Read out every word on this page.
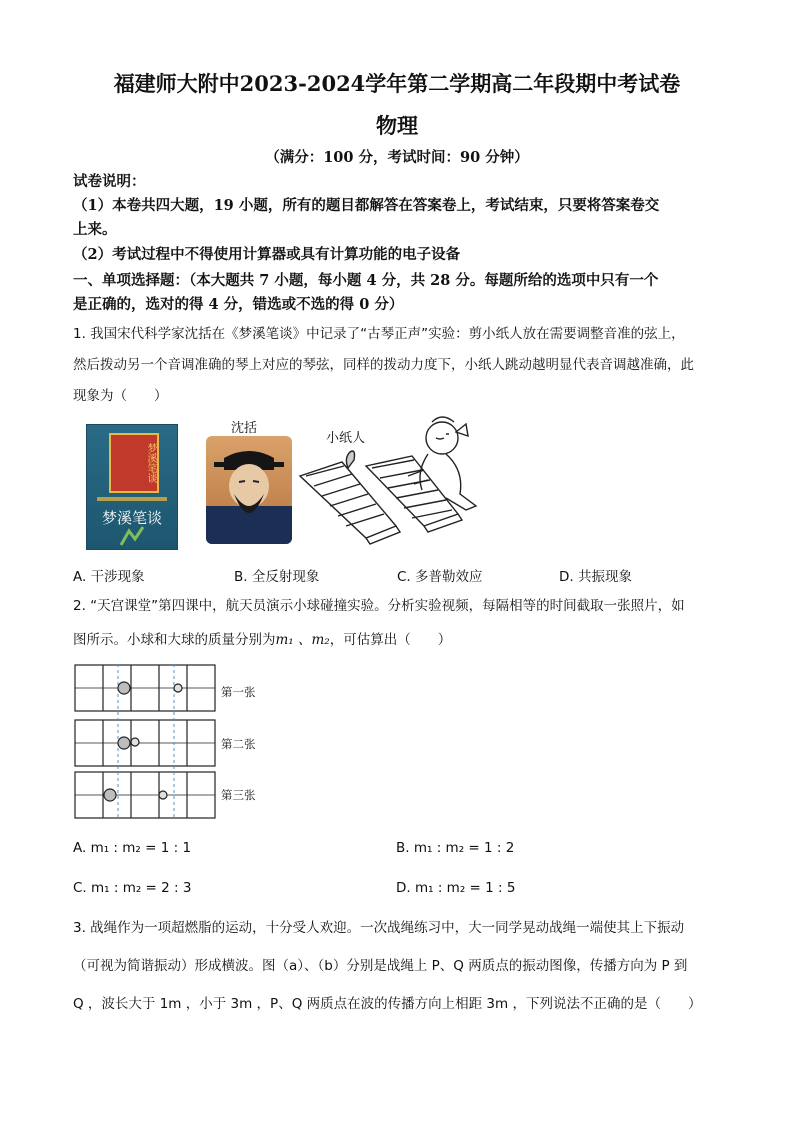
福建师大附中2023-2024学年第二学期高二年段期中考试卷
物理
（满分：100 分，考试时间：90 分钟）
试卷说明：
（1）本卷共四大题，19 小题，所有的题目都解答在答案卷上，考试结束，只要将答案卷交
上来。
（2）考试过程中不得使用计算器或具有计算功能的电子设备
一、单项选择题：（本大题共 7 小题，每小题 4 分，共 28 分。每题所给的选项中只有一个
是正确的，选对的得 4 分，错选或不选的得 0 分）
1. 我国宋代科学家沈括在《梦溪笔谈》中记录了“古琴正声”实验：剪小纸人放在需要调整音准的弦上，
然后拨动另一个音调准确的琴上对应的琴弦，同样的拨动力度下，小纸人跳动越明显代表音调越准确，此
现象为（　　）
梦溪笔谈
梦溪笔谈
沈括
小纸人
A. 干涉现象	B. 全反射现象	C. 多普勒效应	D. 共振现象
2. “天宫课堂”第四课中，航天员演示小球碰撞实验。分析实验视频，每隔相等的时间截取一张照片，如
图所示。小球和大球的质量分别为m₁ 、m₂，可估算出（　　）
第一张
第二张
第三张
A. m₁ : m₂ = 1 : 1	B. m₁ : m₂ = 1 : 2
C. m₁ : m₂ = 2 : 3	D. m₁ : m₂ = 1 : 5
3. 战绳作为一项超燃脂的运动，十分受人欢迎。一次战绳练习中，大一同学晃动战绳一端使其上下振动
（可视为简谐振动）形成横波。图（a）、（b）分别是战绳上 P、Q 两质点的振动图像，传播方向为 P 到
Q ，波长大于 1m ，小于 3m ，P、Q 两质点在波的传播方向上相距 3m ，下列说法不正确的是（　　）
